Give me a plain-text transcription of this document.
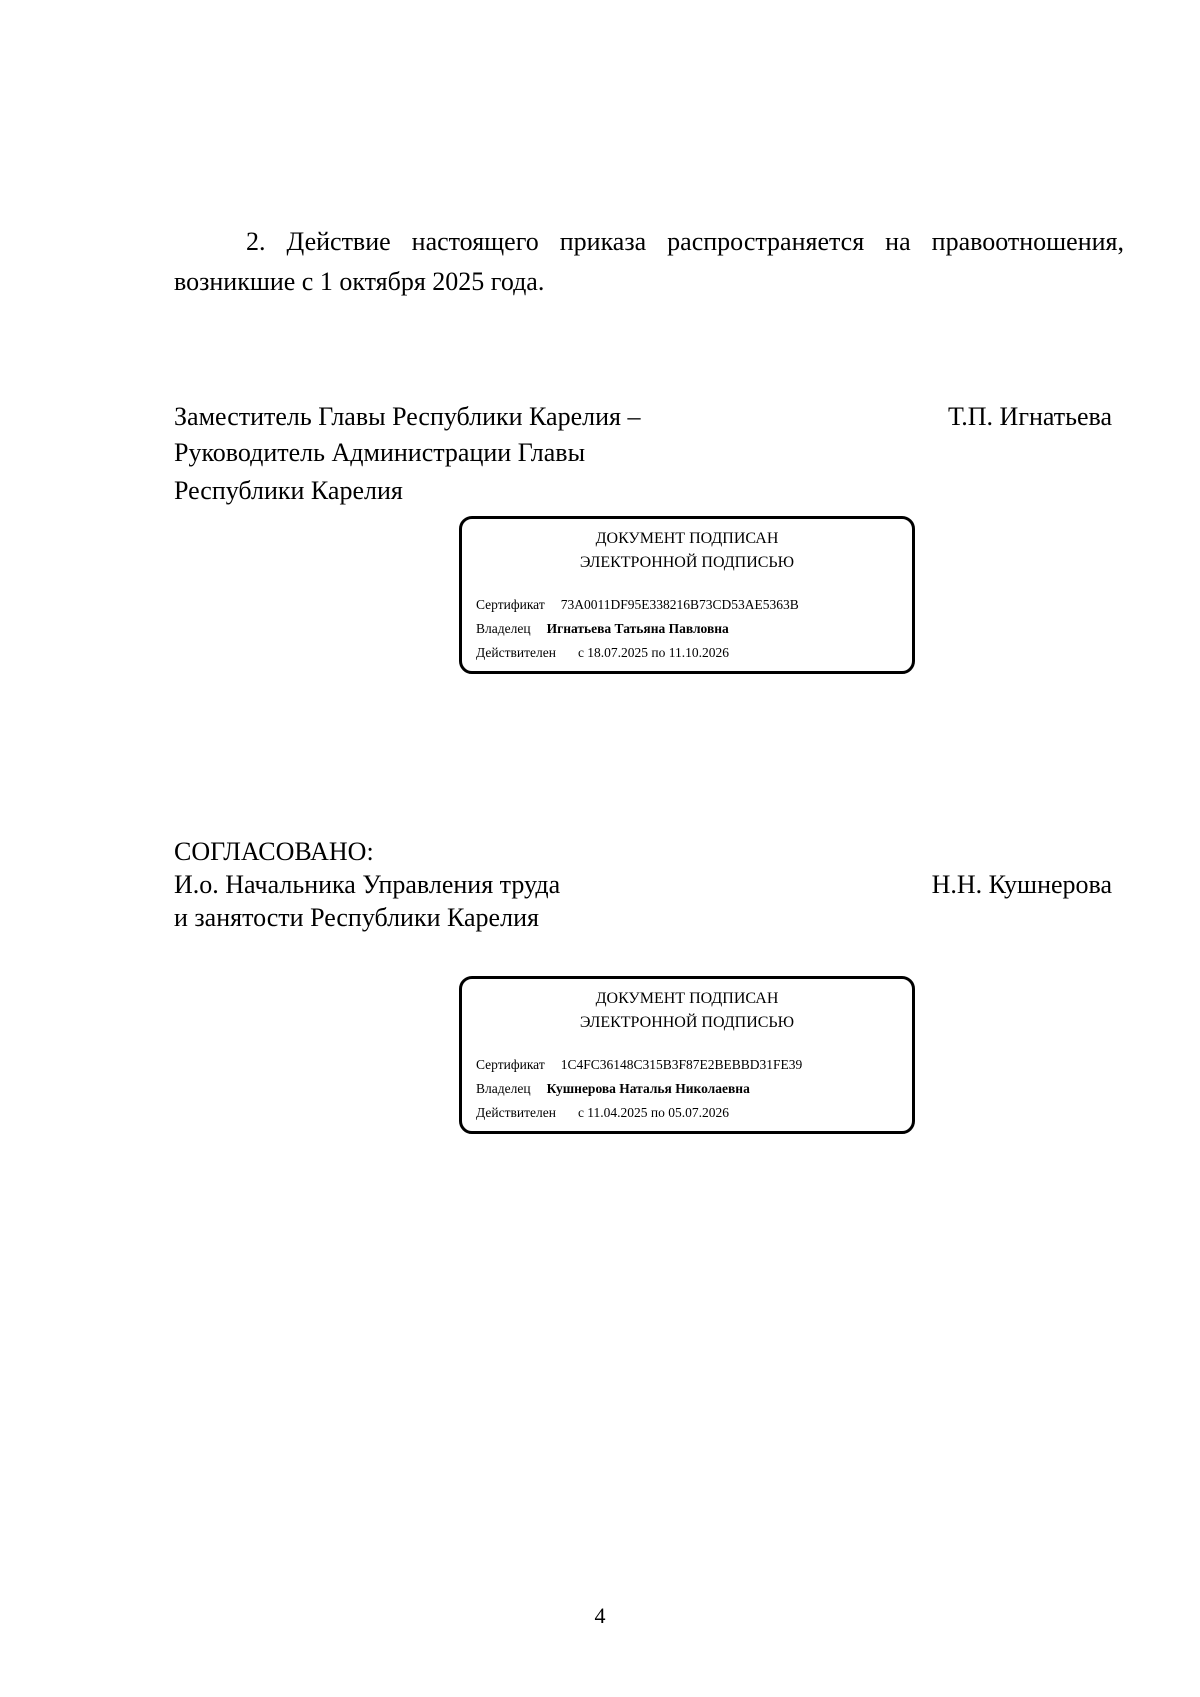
2. Действие настоящего приказа распространяется на правоотношения, возникшие с 1 октября 2025 года.

Заместитель Главы Республики Карелия –

Руководитель Администрации Главы

Республики Карелия

Т.П. Игнатьева

ДОКУМЕНТ ПОДПИСАН

ЭЛЕКТРОННОЙ ПОДПИСЬЮ

Сертификат 73A0011DF95E338216B73CD53AE5363B

Владелец Игнатьева Татьяна Павловна

Действителен с 18.07.2025 по 11.10.2026

СОГЛАСОВАНО:

И.о. Начальника Управления труда

и занятости Республики Карелия

Н.Н. Кушнерова

ДОКУМЕНТ ПОДПИСАН

ЭЛЕКТРОННОЙ ПОДПИСЬЮ

Сертификат 1C4FC36148C315B3F87E2BEBBD31FE39

Владелец Кушнерова Наталья Николаевна

Действителен с 11.04.2025 по 05.07.2026

4
